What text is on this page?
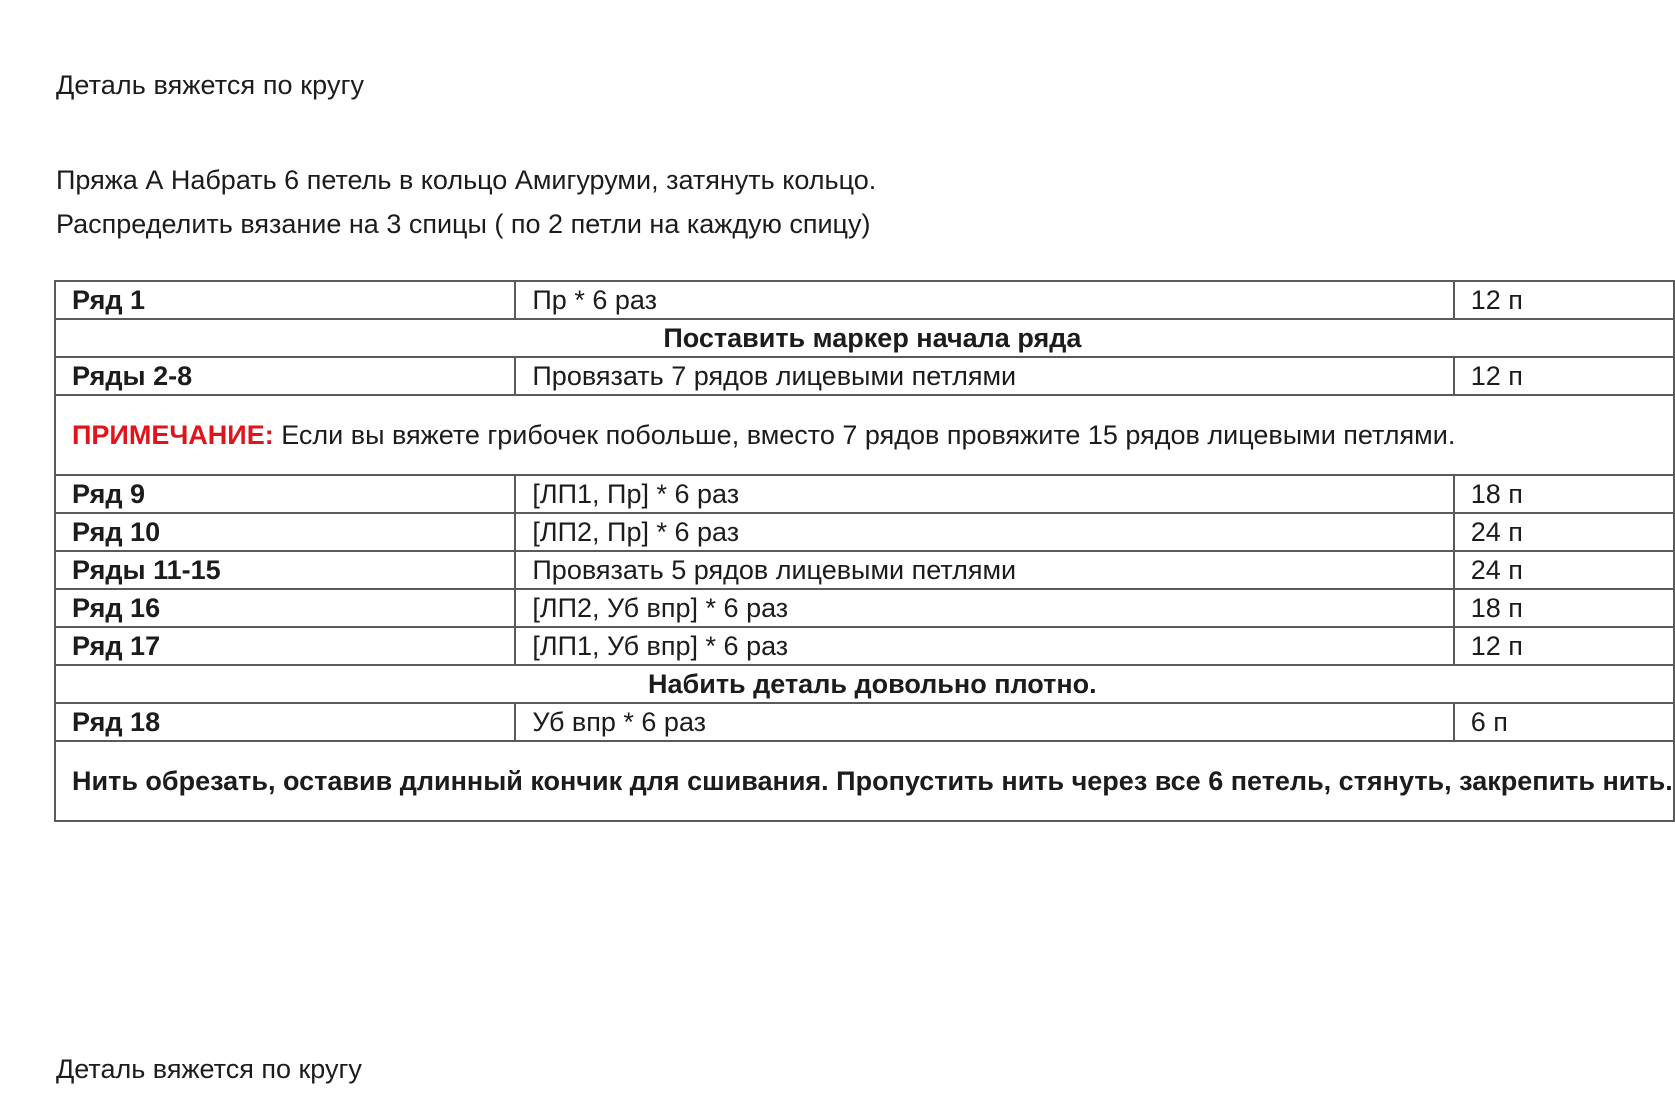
Деталь вяжется по кругу
Пряжа А Набрать 6 петель в кольцо Амигуруми, затянуть кольцо.
Распределить вязание на 3 спицы ( по 2 петли на каждую спицу)
Ряд 1	Пр * 6 раз	12 п
Поставить маркер начала ряда		
Ряды 2-8	Провязать 7 рядов лицевыми петлями	12 п
ПРИМЕЧАНИЕ: Если вы вяжете грибочек побольше, вместо 7 рядов провяжите 15 рядов лицевыми петлями.		
Ряд 9	[ЛП1, Пр] * 6 раз	18 п
Ряд 10	[ЛП2, Пр] * 6 раз	24 п
Ряды 11-15	Провязать 5 рядов лицевыми петлями	24 п
Ряд 16	[ЛП2, Уб впр] * 6 раз	18 п
Ряд 17	[ЛП1, Уб впр] * 6 раз	12 п
Набить деталь довольно плотно.		
Ряд 18	Уб впр * 6 раз	6 п
Нить обрезать, оставив длинный кончик для сшивания. Пропустить нить через все 6 петель, стянуть, закрепить нить.		
Деталь вяжется по кругу
